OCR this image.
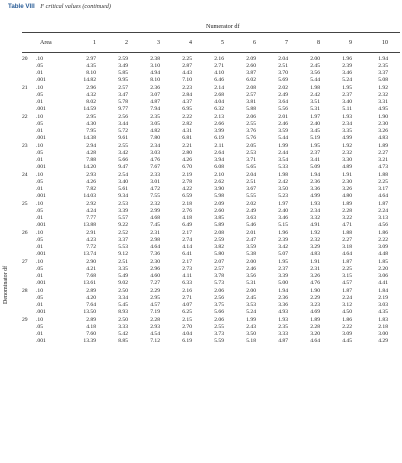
Table VIII F critical values (continued)
Numerator df
Area	1	2	3	4	5	6	7	8	9	10
Denominator df
20	.10	2.97	2.59	2.38	2.25	2.16	2.09	2.04	2.00	1.96	1.94
.05	4.35	3.49	3.10	2.87	2.71	2.60	2.51	2.45	2.39	2.35
.01	8.10	5.85	4.94	4.43	4.10	3.87	3.70	3.56	3.46	3.37
.001	14.82	9.95	8.10	7.10	6.46	6.02	5.69	5.44	5.24	5.08
21	.10	2.96	2.57	2.36	2.23	2.14	2.08	2.02	1.98	1.95	1.92
.05	4.32	3.47	3.07	2.84	2.68	2.57	2.49	2.42	2.37	2.32
.01	8.02	5.78	4.87	4.37	4.04	3.81	3.64	3.51	3.40	3.31
.001	14.59	9.77	7.94	6.95	6.32	5.88	5.56	5.31	5.11	4.95
22	.10	2.95	2.56	2.35	2.22	2.13	2.06	2.01	1.97	1.93	1.90
.05	4.30	3.44	3.05	2.82	2.66	2.55	2.46	2.40	2.34	2.30
.01	7.95	5.72	4.82	4.31	3.99	3.76	3.59	3.45	3.35	3.26
.001	14.38	9.61	7.80	6.81	6.19	5.76	5.44	5.19	4.99	4.83
23	.10	2.94	2.55	2.34	2.21	2.11	2.05	1.99	1.95	1.92	1.89
.05	4.28	3.42	3.03	2.80	2.64	2.53	2.44	2.37	2.32	2.27
.01	7.88	5.66	4.76	4.26	3.94	3.71	3.54	3.41	3.30	3.21
.001	14.20	9.47	7.67	6.70	6.08	5.65	5.33	5.09	4.89	4.73
24	.10	2.93	2.54	2.33	2.19	2.10	2.04	1.98	1.94	1.91	1.88
.05	4.26	3.40	3.01	2.78	2.62	2.51	2.42	2.36	2.30	2.25
.01	7.82	5.61	4.72	4.22	3.90	3.67	3.50	3.36	3.26	3.17
.001	14.03	9.34	7.55	6.59	5.98	5.55	5.23	4.99	4.80	4.64
25	.10	2.92	2.53	2.32	2.18	2.09	2.02	1.97	1.93	1.89	1.87
.05	4.24	3.39	2.99	2.76	2.60	2.49	2.40	2.34	2.28	2.24
.01	7.77	5.57	4.68	4.18	3.85	3.63	3.46	3.32	3.22	3.13
.001	13.88	9.22	7.45	6.49	5.89	5.46	5.15	4.91	4.71	4.56
26	.10	2.91	2.52	2.31	2.17	2.08	2.01	1.96	1.92	1.88	1.86
.05	4.23	3.37	2.98	2.74	2.59	2.47	2.39	2.32	2.27	2.22
.01	7.72	5.53	4.64	4.14	3.82	3.59	3.42	3.29	3.18	3.09
.001	13.74	9.12	7.36	6.41	5.80	5.38	5.07	4.83	4.64	4.48
27	.10	2.90	2.51	2.30	2.17	2.07	2.00	1.95	1.91	1.87	1.85
.05	4.21	3.35	2.96	2.73	2.57	2.46	2.37	2.31	2.25	2.20
.01	7.68	5.49	4.60	4.11	3.78	3.56	3.39	3.26	3.15	3.06
.001	13.61	9.02	7.27	6.33	5.73	5.31	5.00	4.76	4.57	4.41
28	.10	2.89	2.50	2.29	2.16	2.06	2.00	1.94	1.90	1.87	1.84
.05	4.20	3.34	2.95	2.71	2.56	2.45	2.36	2.29	2.24	2.19
.01	7.64	5.45	4.57	4.07	3.75	3.53	3.36	3.23	3.12	3.03
.001	13.50	8.93	7.19	6.25	5.66	5.24	4.93	4.69	4.50	4.35
29	.10	2.89	2.50	2.28	2.15	2.06	1.99	1.93	1.89	1.86	1.83
.05	4.18	3.33	2.93	2.70	2.55	2.43	2.35	2.28	2.22	2.18
.01	7.60	5.42	4.54	4.04	3.73	3.50	3.33	3.20	3.09	3.00
.001	13.39	8.85	7.12	6.19	5.59	5.18	4.87	4.64	4.45	4.29
